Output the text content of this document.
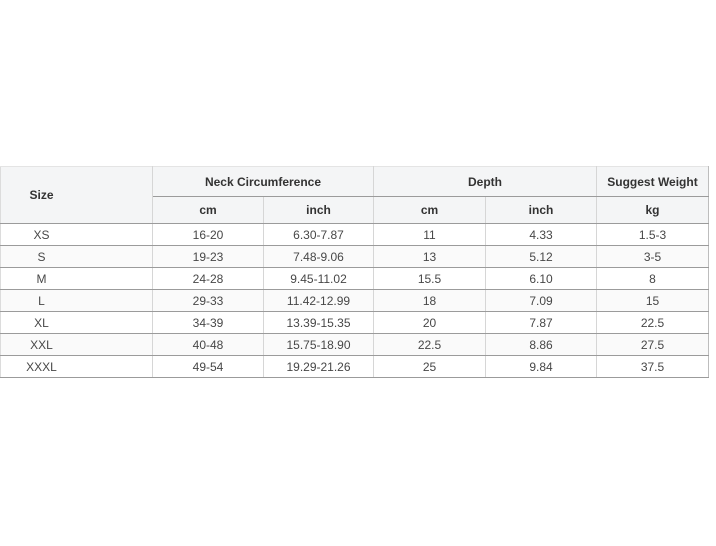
Size	Neck Circumference		Depth		Suggest Weight
	cm	inch	cm	inch	kg
XS	16-20	6.30-7.87	11	4.33	1.5-3
S	19-23	7.48-9.06	13	5.12	3-5
M	24-28	9.45-11.02	15.5	6.10	8
L	29-33	11.42-12.99	18	7.09	15
XL	34-39	13.39-15.35	20	7.87	22.5
XXL	40-48	15.75-18.90	22.5	8.86	27.5
XXXL	49-54	19.29-21.26	25	9.84	37.5
